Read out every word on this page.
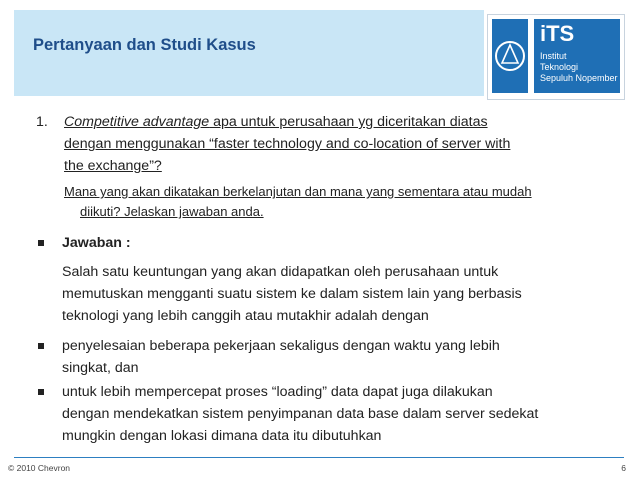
Pertanyaan dan Studi Kasus	iTS
Institut
Teknologi
Sepuluh Nopember
1. Competitive advantage apa untuk perusahaan yg diceritakan diatas
dengan menggunakan “faster technology and co-location of server with
the exchange”?
Mana yang akan dikatakan berkelanjutan dan mana yang sementara atau mudah
diikuti? Jelaskan jawaban anda.
Jawaban :
Salah satu keuntungan yang akan didapatkan oleh perusahaan untuk
memutuskan mengganti suatu sistem ke dalam sistem lain yang berbasis
teknologi yang lebih canggih atau mutakhir adalah dengan
penyelesaian beberapa pekerjaan sekaligus dengan waktu yang lebih
singkat, dan
untuk lebih mempercepat proses “loading” data dapat juga dilakukan
dengan mendekatkan sistem penyimpanan data base dalam server sedekat
mungkin dengan lokasi dimana data itu dibutuhkan
© 2010 Chevron	6
